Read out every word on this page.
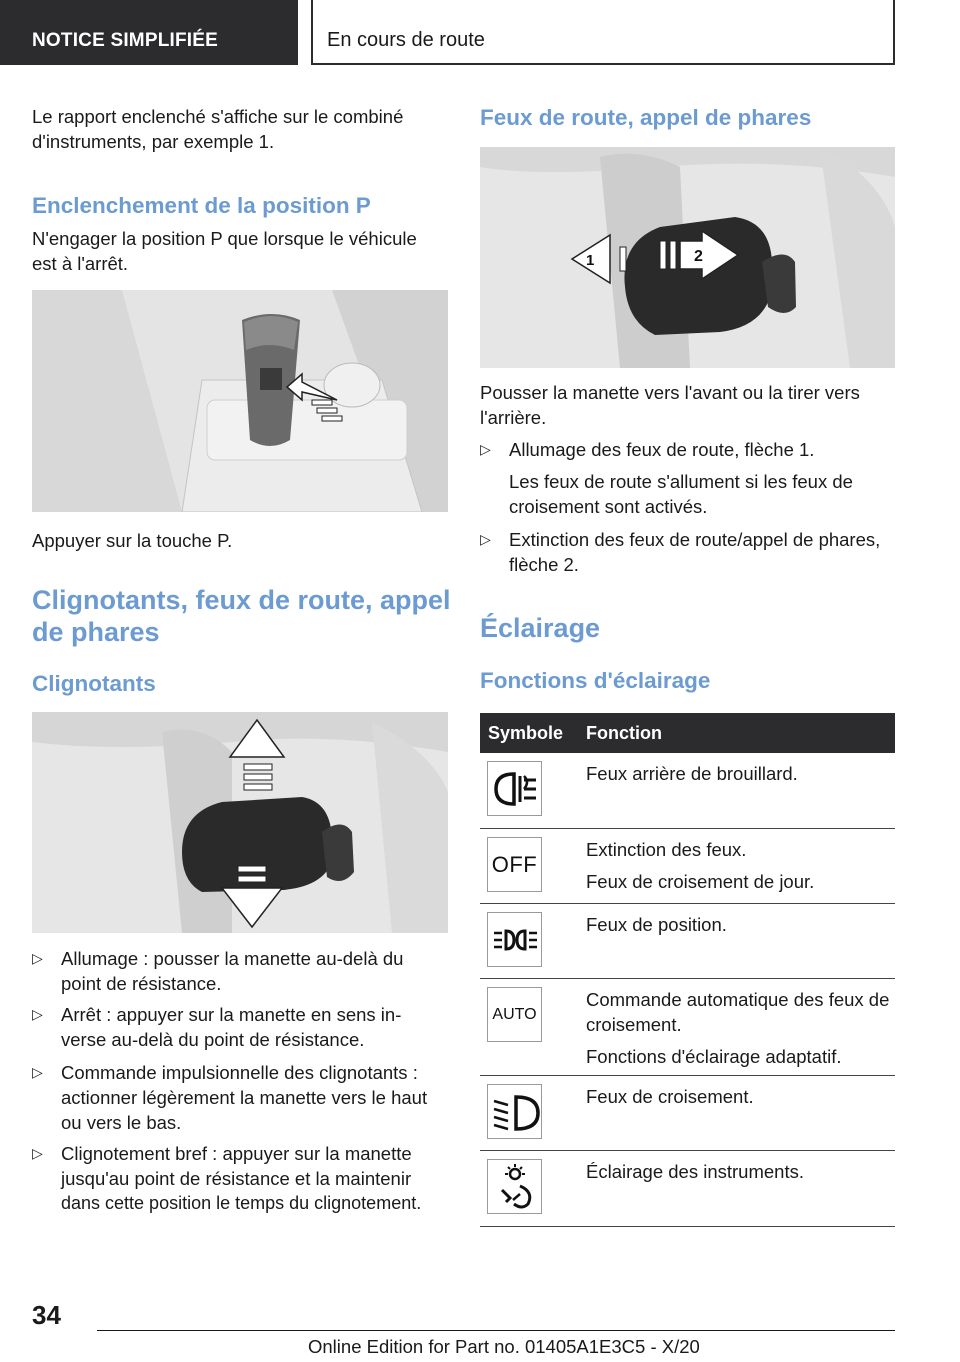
NOTICE SIMPLIFIÉE	En cours de route
Le rapport enclenché s'affiche sur le combiné
d'instruments, par exemple 1.
Enclenchement de la position P
N'engager la position P que lorsque le véhicule
est à l'arrêt.
Appuyer sur la touche P.
Clignotants, feux de route, appel
de phares
Clignotants
▷ Allumage : pousser la manette au-delà du
point de résistance.
▷ Arrêt : appuyer sur la manette en sens in-
verse au-delà du point de résistance.
▷ Commande impulsionnelle des clignotants :
actionner légèrement la manette vers le haut
ou vers le bas.
▷ Clignotement bref : appuyer sur la manette
jusqu'au point de résistance et la maintenir
dans cette position le temps du clignotement.
Feux de route, appel de phares
1	2
Pousser la manette vers l'avant ou la tirer vers
l'arrière.
▷ Allumage des feux de route, flèche 1.
Les feux de route s'allument si les feux de
croisement sont activés.
▷ Extinction des feux de route/appel de phares,
flèche 2.
Éclairage
Fonctions d'éclairage
Symbole Fonction

Feux arrière de brouillard.

OFF

Extinction des feux.

Feux de croisement de jour.

Feux de position.

AUTO

Commande automatique des feux de croisement.

Fonctions d'éclairage adaptatif.

Feux de croisement.

Éclairage des instruments.

34
Online Edition for Part no. 01405A1E3C5 - X/20
